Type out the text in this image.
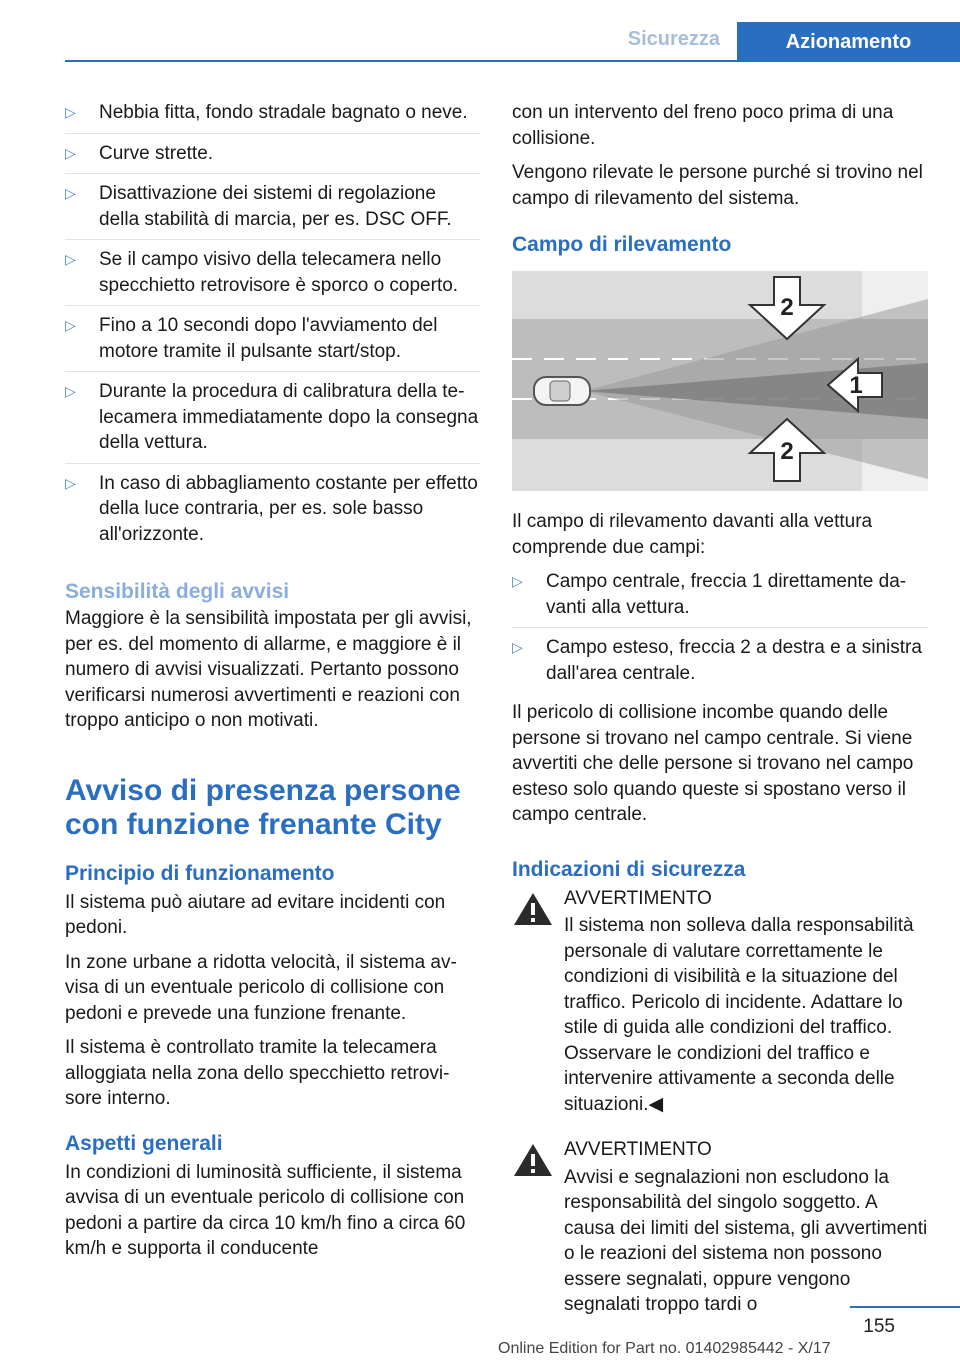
Sicurezza	Azionamento
▷ Nebbia fitta, fondo stradale bagnato o neve.
▷ Curve strette.
▷ Disattivazione dei sistemi di regolazione della stabilità di marcia, per es. DSC OFF.
▷ Se il campo visivo della telecamera nello specchietto retrovisore è sporco o coperto.
▷ Fino a 10 secondi dopo l'avviamento del motore tramite il pulsante start/stop.
▷ Durante la procedura di calibratura della telecamera immediatamente dopo la consegna della vettura.
▷ In caso di abbagliamento costante per effetto della luce contraria, per es. sole basso all'orizzonte.
Sensibilità degli avvisi

Maggiore è la sensibilità impostata per gli avvisi, per es. del momento di allarme, e maggiore è il numero di avvisi visualizzati. Pertanto possono verificarsi numerosi avvertimenti e reazioni con troppo anticipo o non motivati.

Avviso di presenza persone con funzione frenante City
Principio di funzionamento

Il sistema può aiutare ad evitare incidenti con pedoni.

In zone urbane a ridotta velocità, il sistema avvisa di un eventuale pericolo di collisione con pedoni e prevede una funzione frenante.

Il sistema è controllato tramite la telecamera alloggiata nella zona dello specchietto retrovisore interno.

Aspetti generali

In condizioni di luminosità sufficiente, il sistema avvisa di un eventuale pericolo di collisione con pedoni a partire da circa 10 km/h fino a circa 60 km/h e supporta il conducente

con un intervento del freno poco prima di una collisione.

Vengono rilevate le persone purché si trovino nel campo di rilevamento del sistema.

Campo di rilevamento
2
1
2

Il campo di rilevamento davanti alla vettura comprende due campi:

▷ Campo centrale, freccia 1 direttamente davanti alla vettura.
▷ Campo esteso, freccia 2 a destra e a sinistra dall'area centrale.

Il pericolo di collisione incombe quando delle persone si trovano nel campo centrale. Si viene avvertiti che delle persone si trovano nel campo esteso solo quando queste si spostano verso il campo centrale.

Indicazioni di sicurezza

AVVERTIMENTO

Il sistema non solleva dalla responsabilità personale di valutare correttamente le condizioni di visibilità e la situazione del traffico. Pericolo di incidente. Adattare lo stile di guida alle condizioni del traffico. Osservare le condizioni del traffico e intervenire attivamente a seconda delle situazioni.◀

AVVERTIMENTO

Avvisi e segnalazioni non escludono la responsabilità del singolo soggetto. A causa dei limiti del sistema, gli avvertimenti o le reazioni del sistema non possono essere segnalati, oppure vengono segnalati troppo tardi o

155
Online Edition for Part no. 01402985442 - X/17
